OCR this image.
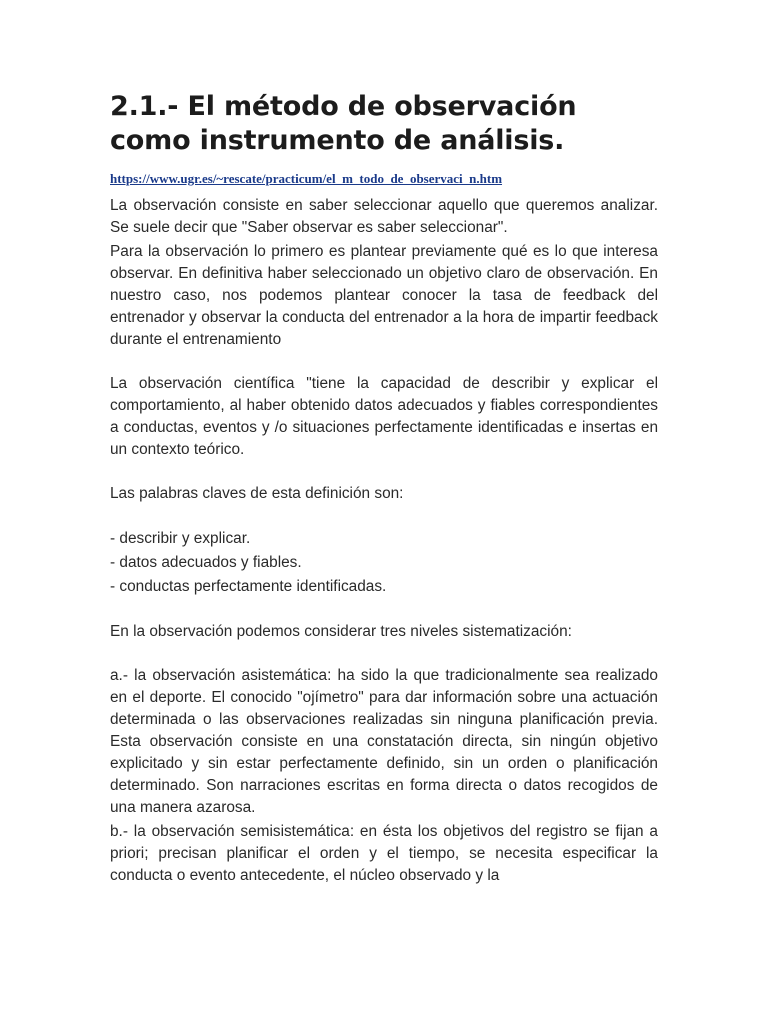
2.1.- El método de observación como instrumento de análisis.
https://www.ugr.es/~rescate/practicum/el_m_todo_de_observaci_n.htm

La observación consiste en saber seleccionar aquello que queremos analizar. Se suele decir que "Saber observar es saber seleccionar".

Para la observación lo primero es plantear previamente qué es lo que interesa observar. En definitiva haber seleccionado un objetivo claro de observación. En nuestro caso, nos podemos plantear conocer la tasa de feedback del entrenador y observar la conducta del entrenador a la hora de impartir feedback durante el entrenamiento

La observación científica "tiene la capacidad de describir y explicar el comportamiento, al haber obtenido datos adecuados y fiables correspondientes a conductas, eventos y /o situaciones perfectamente identificadas e insertas en un contexto teórico.

Las palabras claves de esta definición son:

- describir y explicar.
- datos adecuados y fiables.
- conductas perfectamente identificadas.

En la observación podemos considerar tres niveles sistematización:

a.- la observación asistemática: ha sido la que tradicionalmente sea realizado en el deporte. El conocido "ojímetro" para dar información sobre una actuación determinada o las observaciones realizadas sin ninguna planificación previa. Esta observación consiste en una constatación directa, sin ningún objetivo explicitado y sin estar perfectamente definido, sin un orden o planificación determinado. Son narraciones escritas en forma directa o datos recogidos de una manera azarosa.

b.- la observación semisistemática: en ésta los objetivos del registro se fijan a priori; precisan planificar el orden y el tiempo, se necesita especificar la conducta o evento antecedente, el núcleo observado y la
